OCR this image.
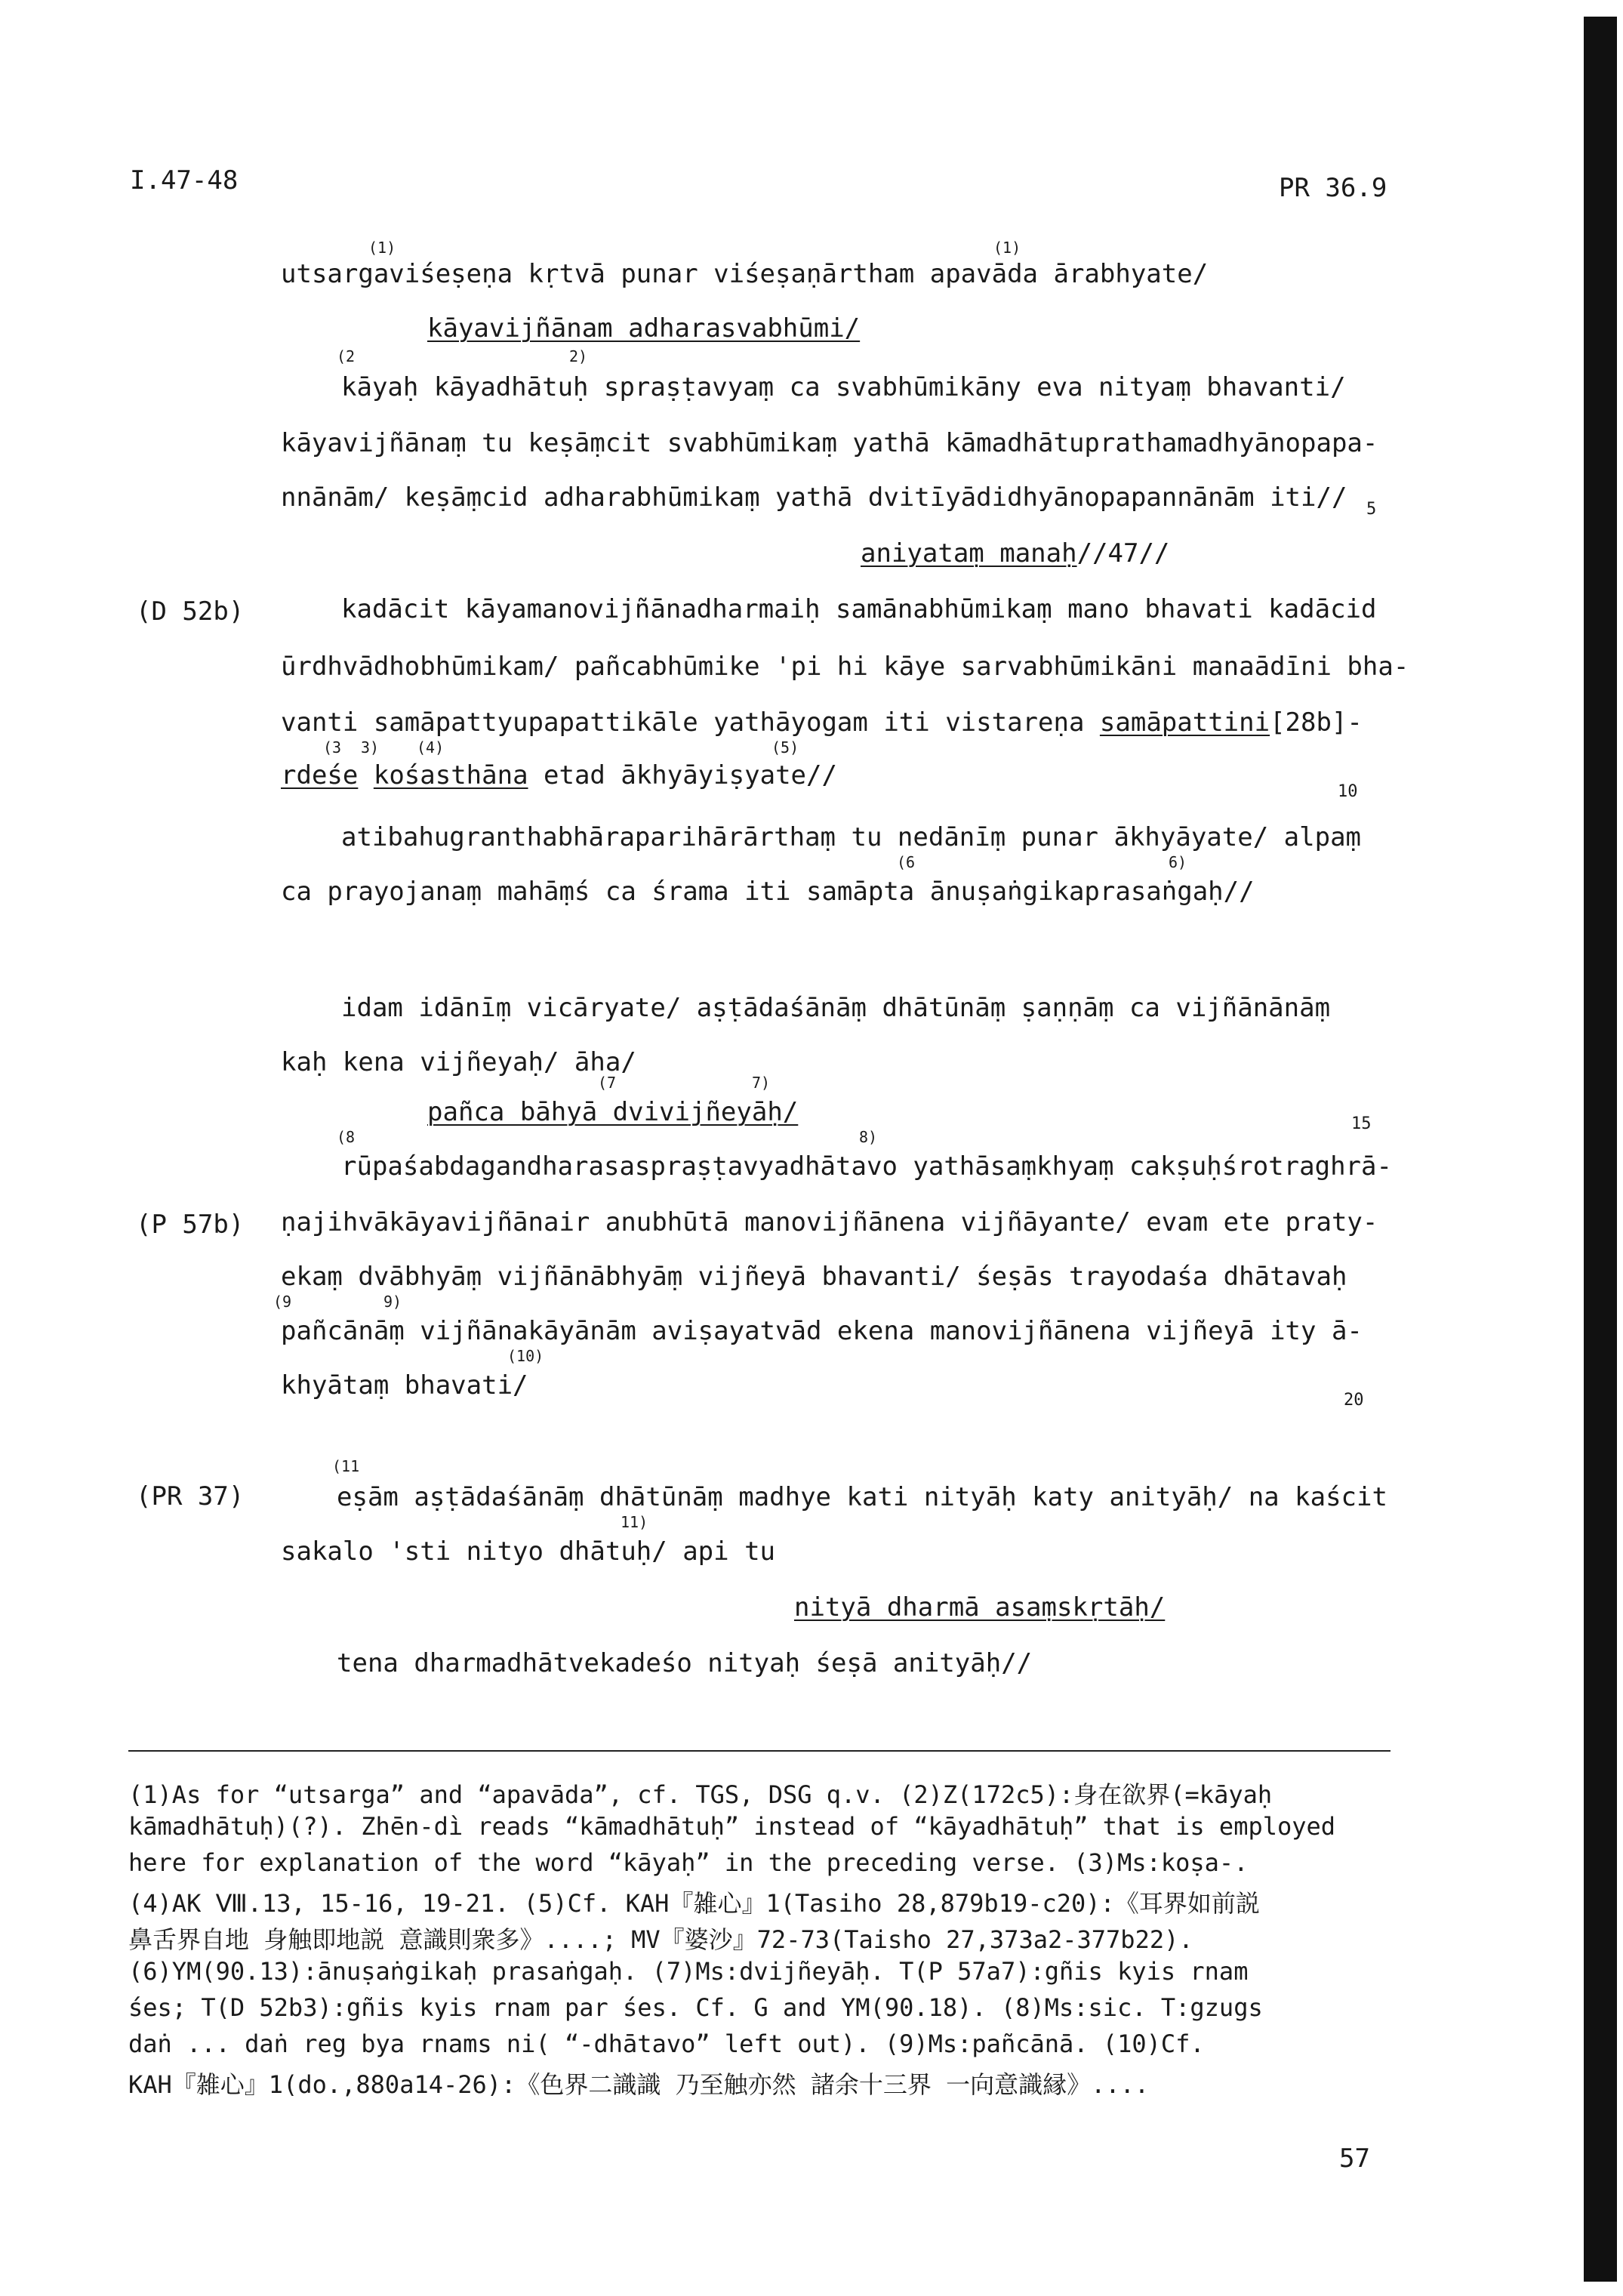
I.47-48	PR 36.9
(1)	(1)
utsargaviśeṣeṇa kṛtvā punar viśeṣaṇārtham apavāda ārabhyate/
kāyavijñānam adharasvabhūmi/
(2	2)
kāyaḥ kāyadhātuḥ spraṣṭavyaṃ ca svabhūmikāny eva nityaṃ bhavanti/
kāyavijñānaṃ tu keṣāṃcit svabhūmikaṃ yathā kāmadhātuprathamadhyānopapa-
nnānām/ keṣāṃcid adharabhūmikaṃ yathā dvitīyādidhyānopapannānām iti// 5
aniyataṃ manaḥ//47//
(D 52b)	kadācit kāyamanovijñānadharmaiḥ samānabhūmikaṃ mano bhavati kadācid
ūrdhvādhobhūmikam/ pañcabhūmike 'pi hi kāye sarvabhūmikāni manaādīni bha-
vanti samāpattyupapattikāle yathāyogam iti vistareṇa samāpattini[28b]-
(3 3) (4)	(5)
rdeśe kośasthāna etad ākhyāyiṣyate//
10
atibahugranthabhāraparihārārthaṃ tu nedānīṃ punar ākhyāyate/ alpaṃ
(6	6)
ca prayojanaṃ mahāṃś ca śrama iti samāpta ānuṣaṅgikaprasaṅgaḥ//
idam idānīṃ vicāryate/ aṣṭādaśānāṃ dhātūnāṃ ṣaṇṇāṃ ca vijñānānāṃ
kaḥ kena vijñeyaḥ/ āha/
(7	7)
pañca bāhyā dvivijñeyāḥ/	15
(8	8)
rūpaśabdagandharasaspraṣṭavyadhātavo yathāsaṃkhyaṃ cakṣuḥśrotraghrā-
(P 57b) ṇajihvākāyavijñānair anubhūtā manovijñānena vijñāyante/ evam ete praty-
ekaṃ dvābhyāṃ vijñānābhyāṃ vijñeyā bhavanti/ śeṣās trayodaśa dhātavaḥ
(9	9)
pañcānāṃ vijñānakāyānām aviṣayatvād ekena manovijñānena vijñeyā ity ā-
(10)
khyātaṃ bhavati/	20
(11
(PR 37)	eṣām aṣṭādaśānāṃ dhātūnāṃ madhye kati nityāḥ katy anityāḥ/ na kaścit
11)
sakalo 'sti nityo dhātuḥ/ api tu
nityā dharmā asaṃskṛtāḥ/
tena dharmadhātvekadeśo nityaḥ śeṣā anityāḥ//
(1)As for “utsarga” and “apavāda”, cf. TGS, DSG q.v. (2)Z(172c5):身在欲界(=kāyaḥ
kāmadhātuḥ)(?). Zhēn-dì reads “kāmadhātuḥ” instead of “kāyadhātuḥ” that is employed
here for explanation of the word “kāyaḥ” in the preceding verse. (3)Ms:koṣa-.
(4)AK Ⅷ.13, 15-16, 19-21. (5)Cf. KAH『雑心』1(Tasiho 28,879b19-c20):《耳界如前説
鼻舌界自地 身触即地説 意識則衆多》....; MV『婆沙』72-73(Taisho 27,373a2-377b22).
(6)YM(90.13):ānuṣaṅgikaḥ prasaṅgaḥ. (7)Ms:dvijñeyāḥ. T(P 57a7):gñis kyis rnam
śes; T(D 52b3):gñis kyis rnam par śes. Cf. G and YM(90.18). (8)Ms:sic. T:gzugs
daṅ ... daṅ reg bya rnams ni( “-dhātavo” left out). (9)Ms:pañcānā. (10)Cf.
KAH『雑心』1(do.,880a14-26):《色界二識識 乃至触亦然 諸余十三界 一向意識縁》....
57
